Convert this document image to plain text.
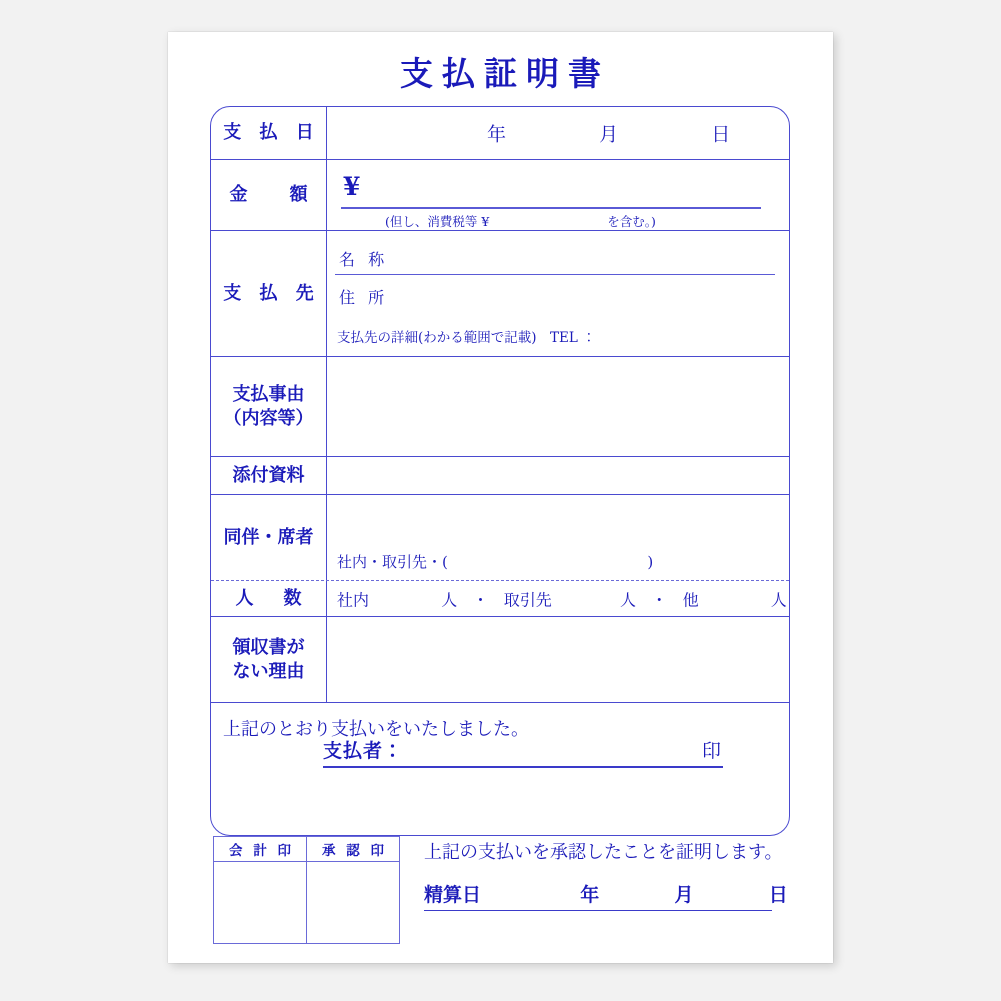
支払証明書
支 払 日	年	月	日
金　　額	¥
(但し、消費税等 ¥	を含む。)
支 払 先
名 称
住 所
支払先の詳細(わかる範囲で記載)　TEL ：
支払事由
（内容等）
添付資料
同伴・席者
社内・取引先・(	)
人　数	社内	人 ・ 取引先	人 ・ 他	人
領収書が
ない理由
上記のとおり支払いをいたしました。
支払者：	印
会 計 印	承 認 印	上記の支払いを承認したことを証明します。
精算日	年	月	日
